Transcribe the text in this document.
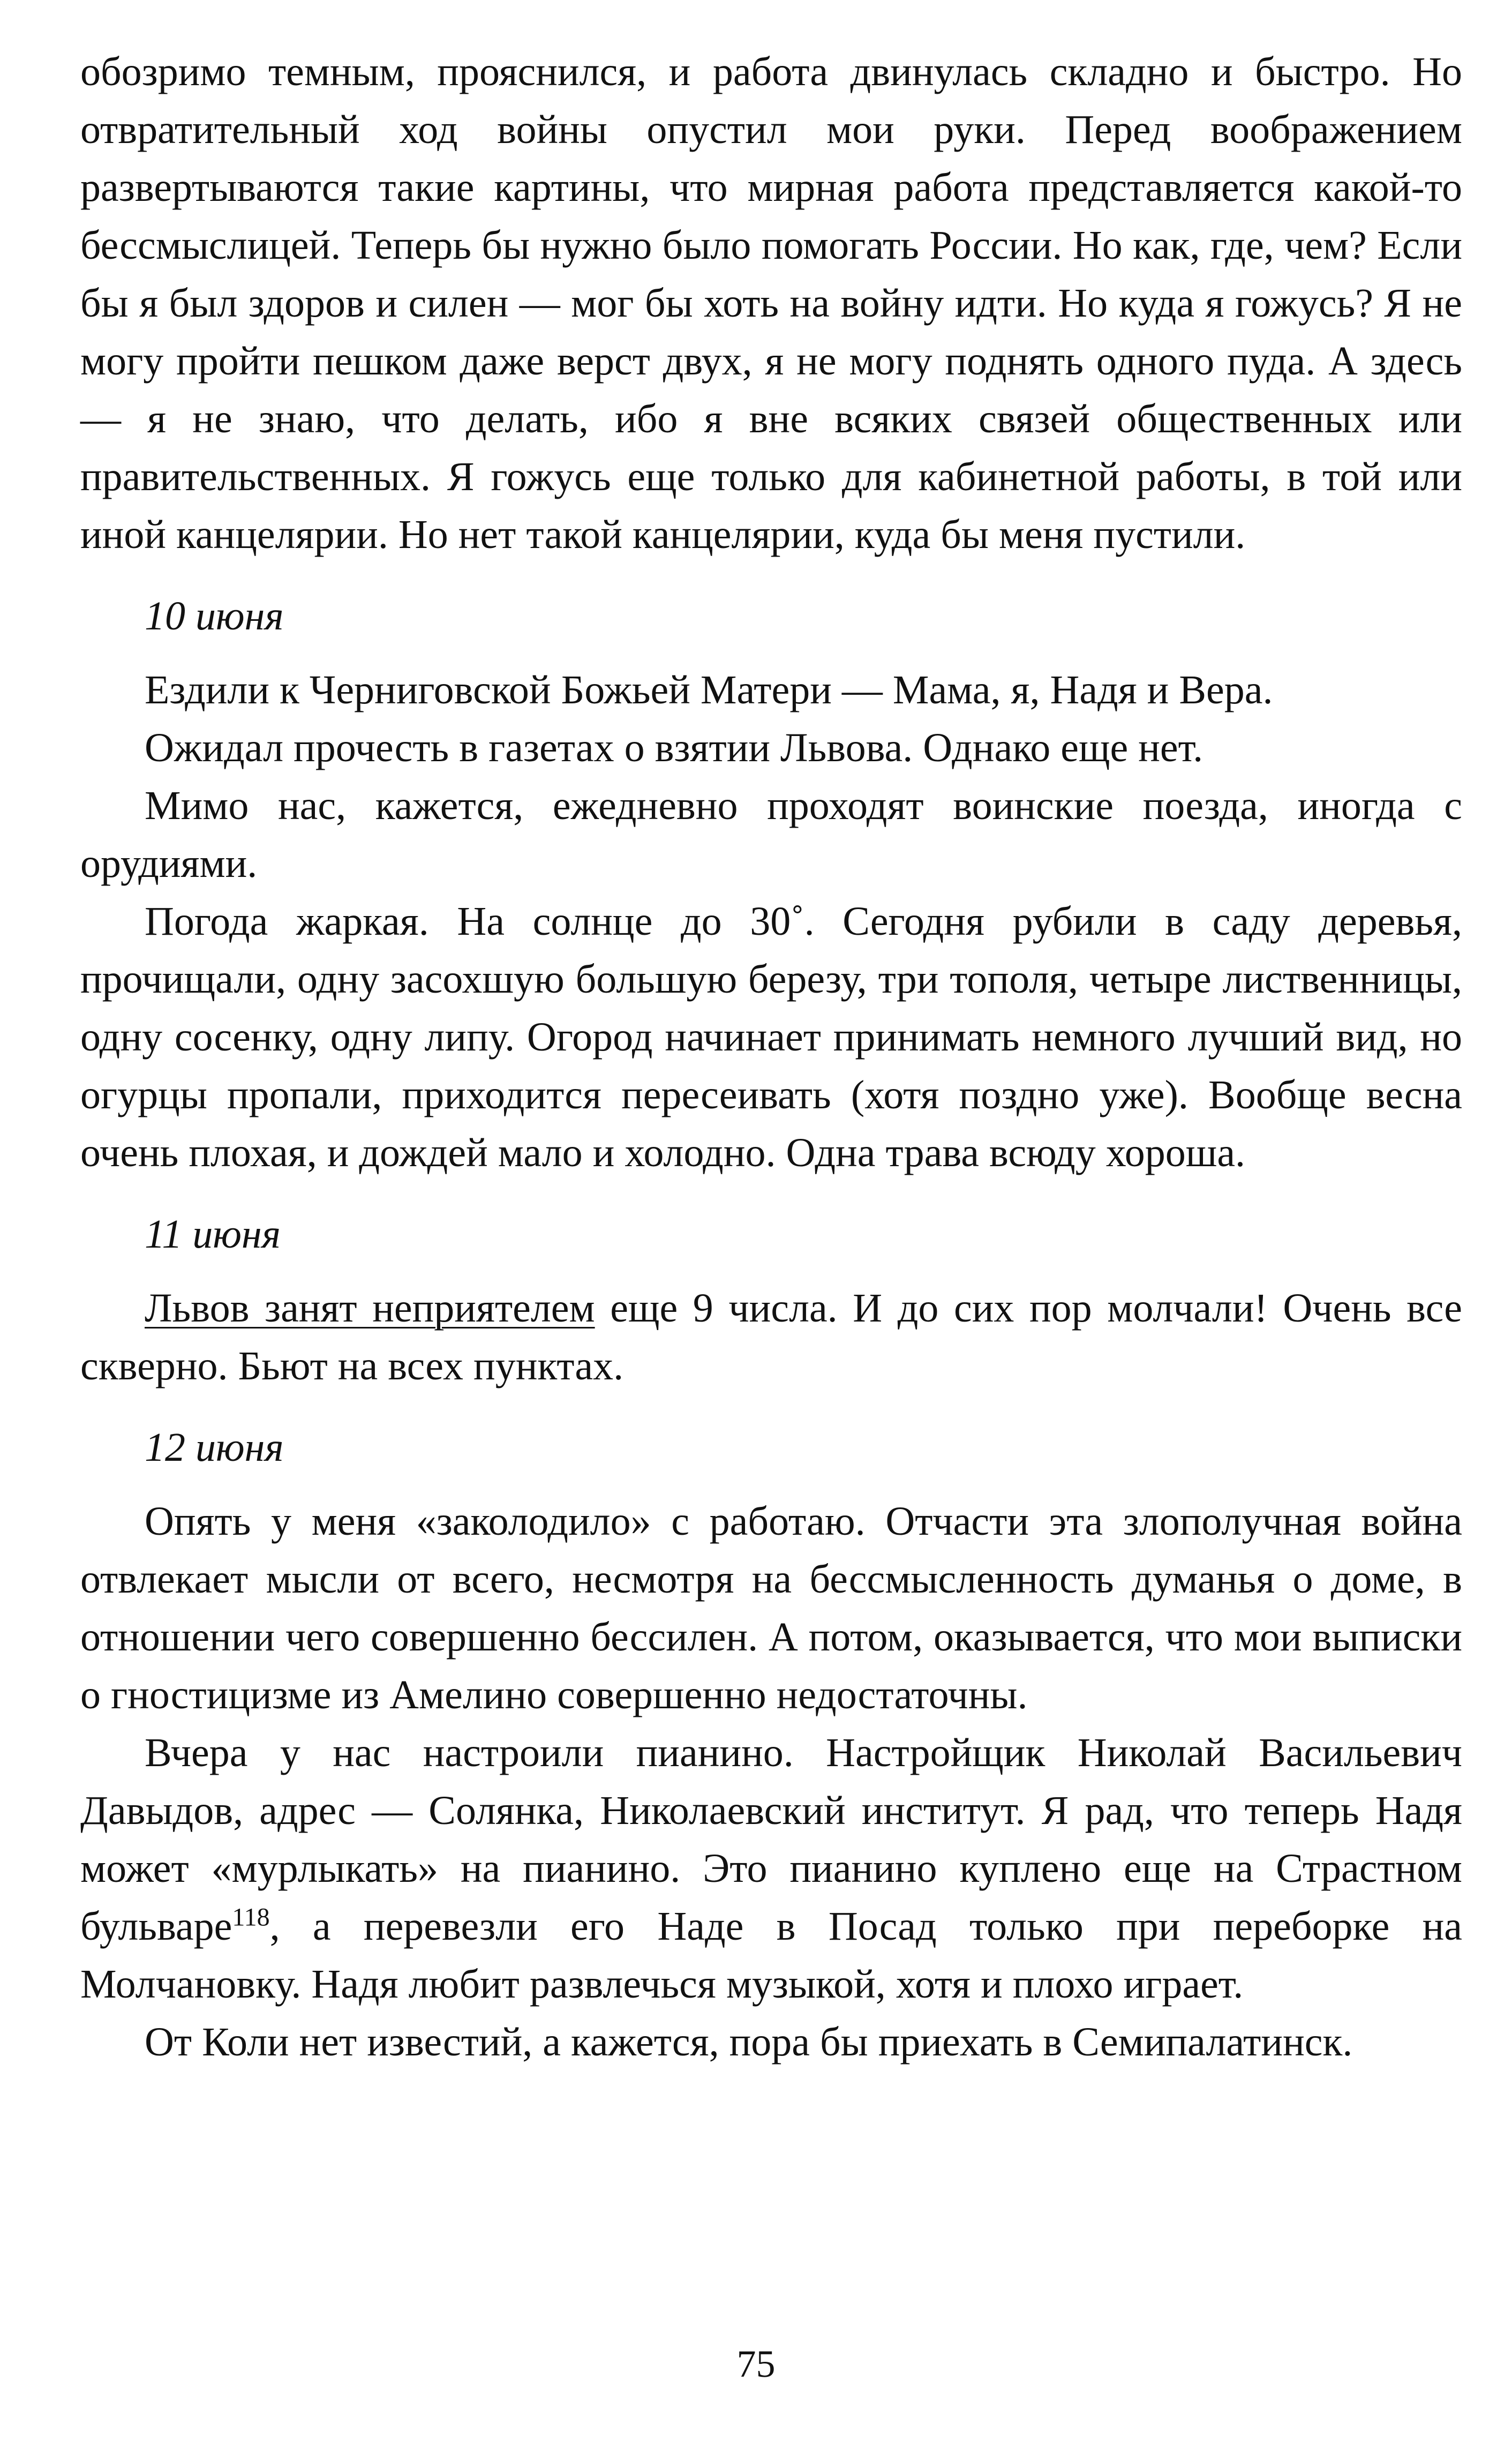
обозримо темным, прояснился, и работа двинулась складно и быстро. Но отвратительный ход войны опустил мои руки. Перед воображением развертываются такие картины, что мирная работа представляется какой-то бессмыслицей. Теперь бы нужно было помогать России. Но как, где, чем? Если бы я был здоров и силен — мог бы хоть на войну идти. Но куда я гожусь? Я не могу пройти пешком даже верст двух, я не могу поднять одного пуда. А здесь — я не знаю, что делать, ибо я вне всяких связей общественных или правительственных. Я гожусь еще только для кабинетной работы, в той или иной канцелярии. Но нет такой канцелярии, куда бы меня пустили.

10 июня

Ездили к Черниговской Божьей Матери — Мама, я, Надя и Вера.

Ожидал прочесть в газетах о взятии Львова. Однако еще нет.

Мимо нас, кажется, ежедневно проходят воинские поезда, иногда с орудиями.

Погода жаркая. На солнце до 30˚. Сегодня рубили в саду деревья, прочищали, одну засохшую большую березу, три тополя, четыре лиственницы, одну сосенку, одну липу. Огород начинает принимать немного лучший вид, но огурцы пропали, приходится пересеивать (хотя поздно уже). Вообще весна очень плохая, и дождей мало и холодно. Одна трава всюду хороша.

11 июня

Львов занят неприятелем еще 9 числа. И до сих пор молчали! Очень все скверно. Бьют на всех пунктах.

12 июня

Опять у меня «заколодило» с работаю. Отчасти эта злополучная война отвлекает мысли от всего, несмотря на бессмысленность думанья о доме, в отношении чего совершенно бессилен. А потом, оказывается, что мои выписки о гностицизме из Амелино совершенно недостаточны.

Вчера у нас настроили пианино. Настройщик Николай Васильевич Давыдов, адрес — Солянка, Николаевский институт. Я рад, что теперь Надя может «мурлыкать» на пианино. Это пианино куплено еще на Страстном бульваре$^{118}$, а перевезли его Наде в Посад только при переборке на Молчановку. Надя любит развлечься музыкой, хотя и плохо играет.

От Коли нет известий, а кажется, пора бы приехать в Семипалатинск.

75
